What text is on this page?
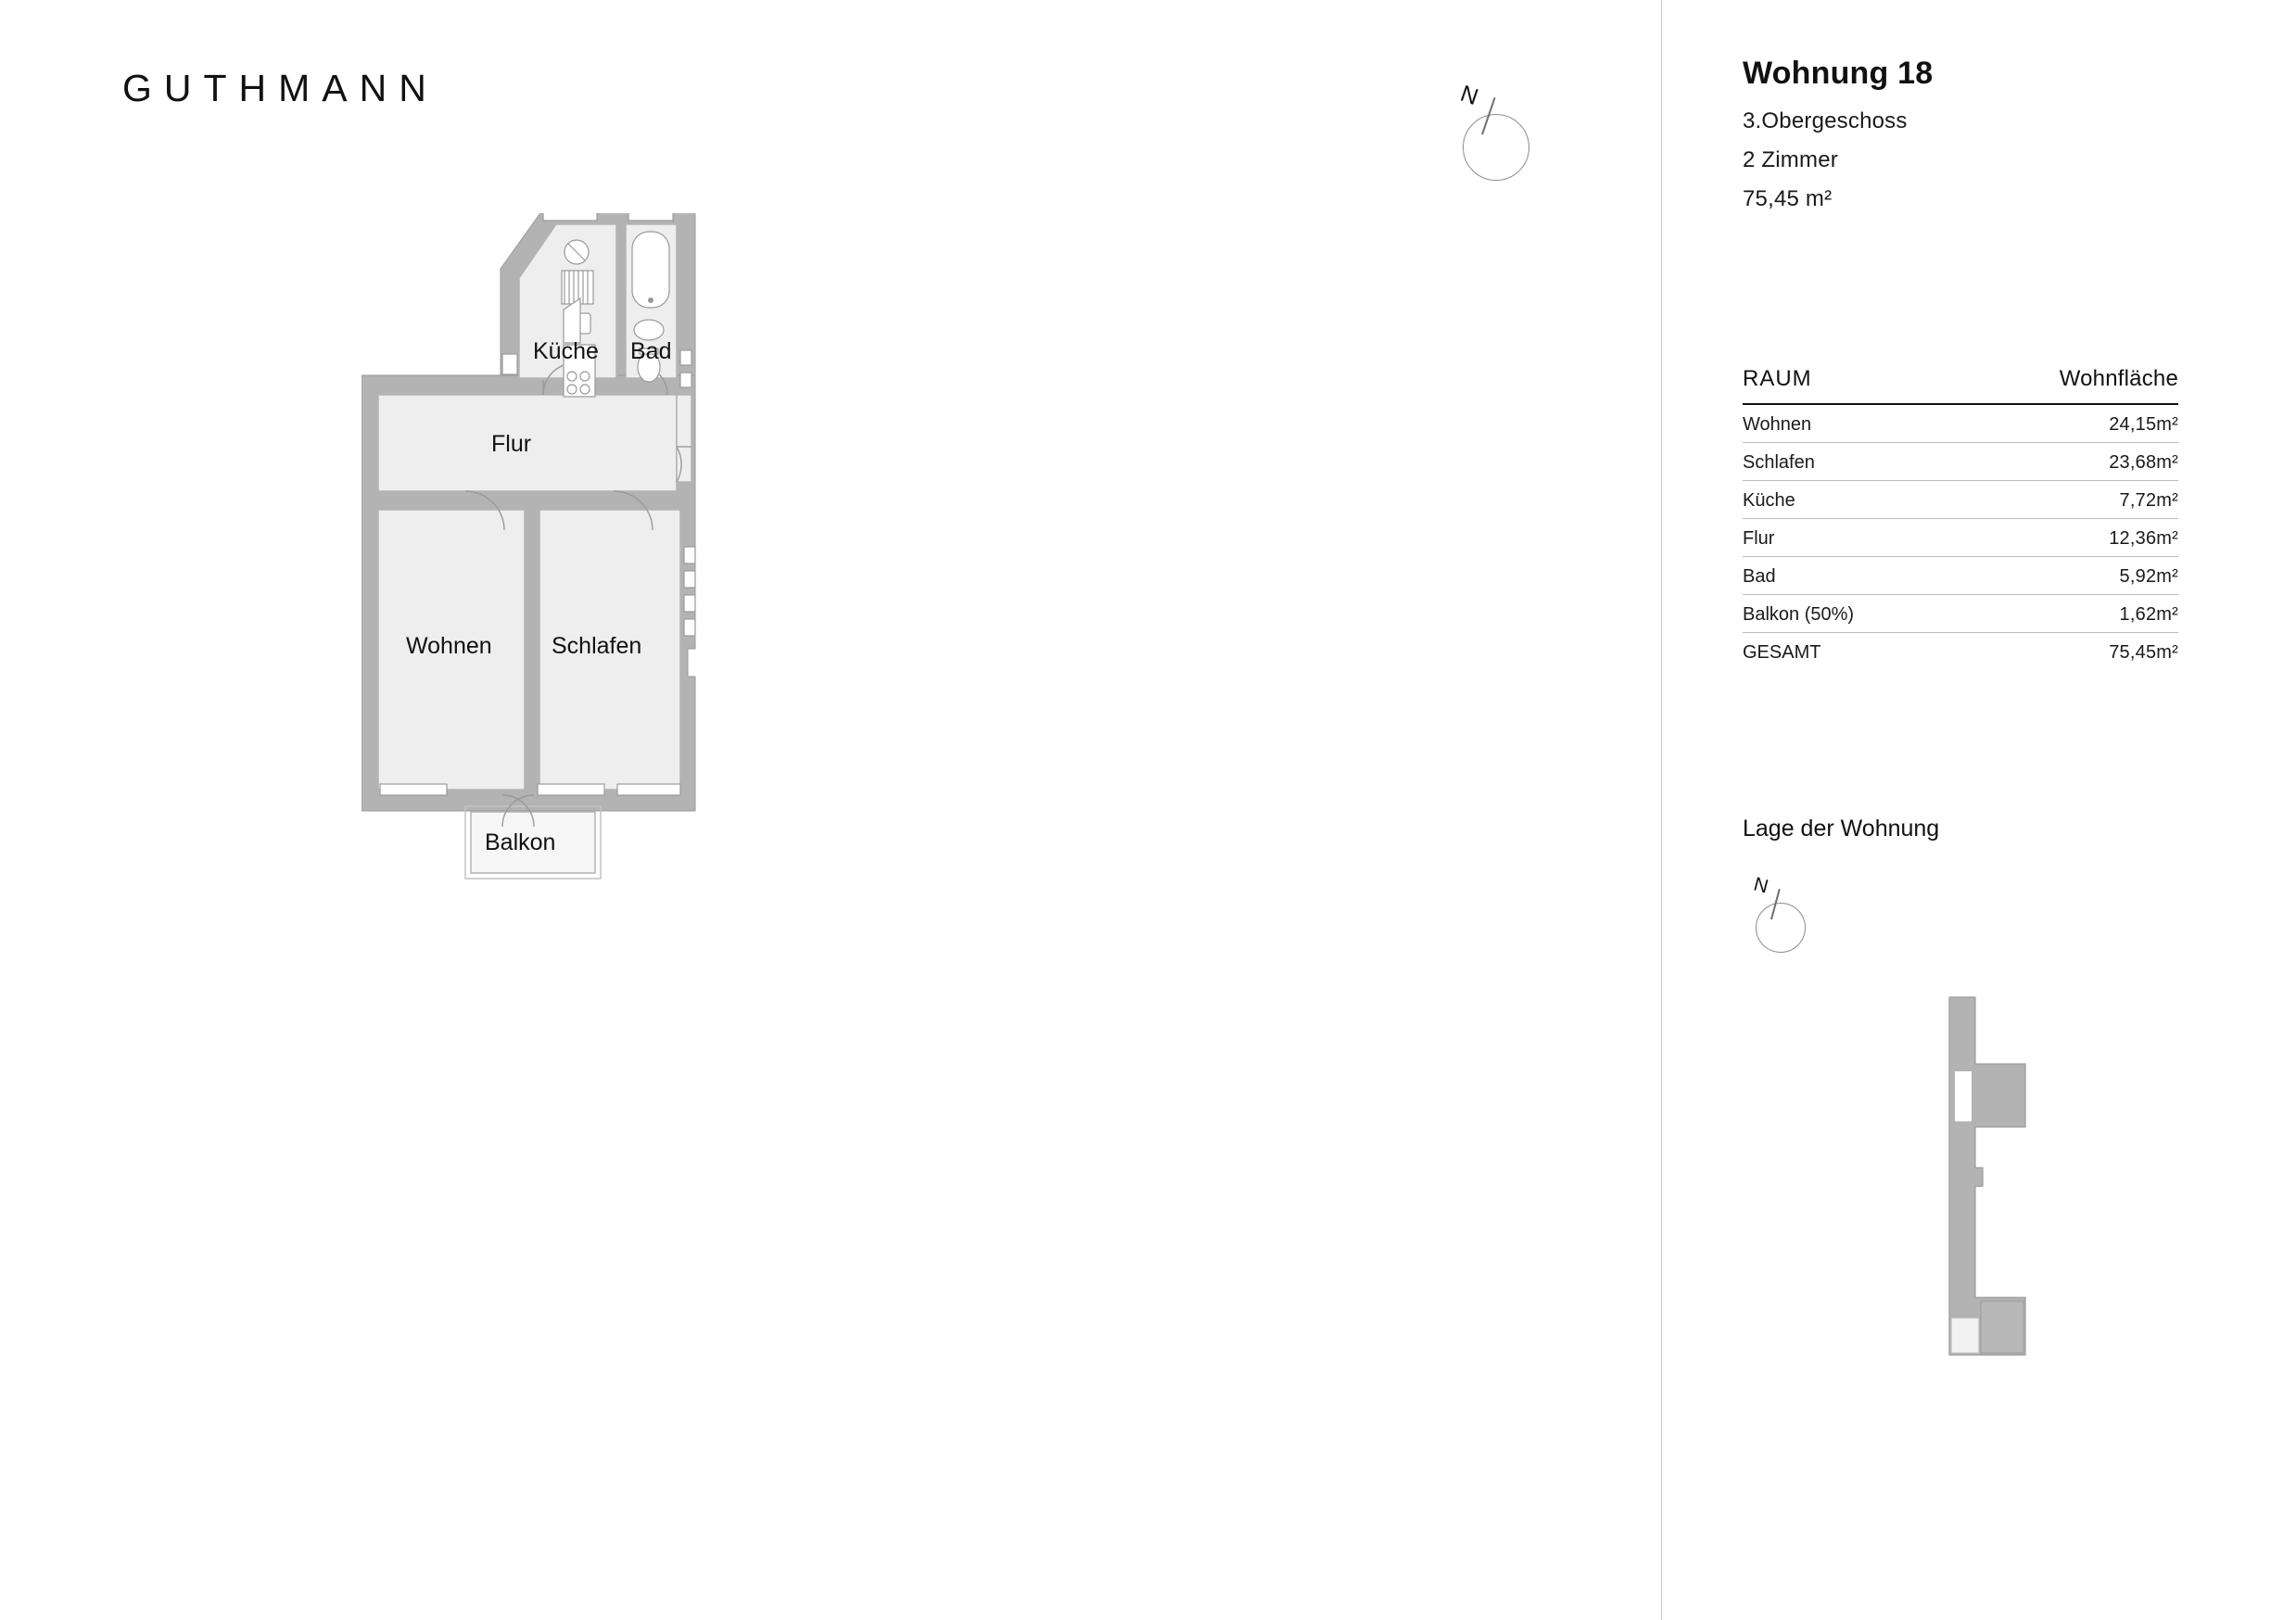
GUTHMANN	N
Küche Bad
Flur
Wohnen	Schlafen
Balkon
Wohnung 18

3.Obergeschoss

2 Zimmer

75,45 m²

RAUM	Wohnfläche
Wohnen	24,15m²
Schlafen	23,68m²
Küche	7,72m²
Flur	12,36m²
Bad	5,92m²
Balkon (50%)	1,62m²
GESAMT	75,45m²
Lage der Wohnung
N
